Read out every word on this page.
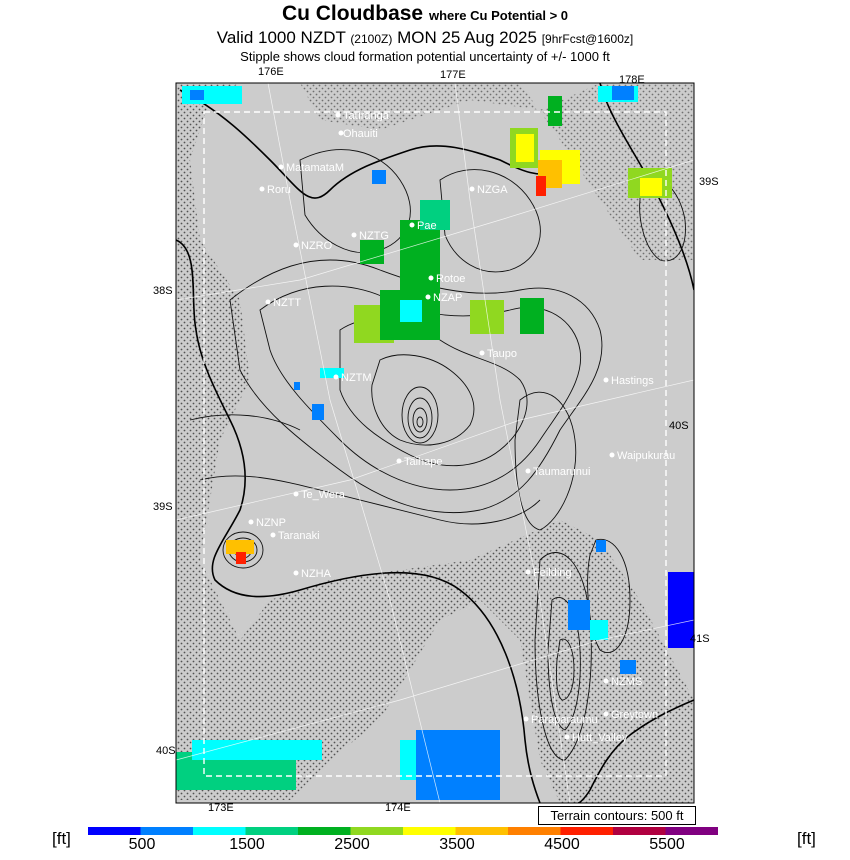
Cu Cloudbase where Cu Potential > 0
Valid 1000 NZDT (2100Z) MON 25 Aug 2025 [9hrFcst@1600z]
Stipple shows cloud formation potential uncertainty of +/- 1000 ft
Tauranga
Ohauiti
MatamataM
Roru	NZGA
NZTG
Pae
NZRO
Rotoe
NZAP
NZTT
NZTM
Taupo
Hastings
Taihape	Waipukurau
Taumarunui
Te_Wera
NZNP
Taranaki
NZHA	Feilding
NZMS
Greytown
Paraparaumu
Hutt_Valley
176E	177E	178E
173E	174E
38S
39S
40S
39S
40S
41S
Terrain contours: 500 ft
[ft]	[ft]
500	1500	2500	3500	4500	5500
